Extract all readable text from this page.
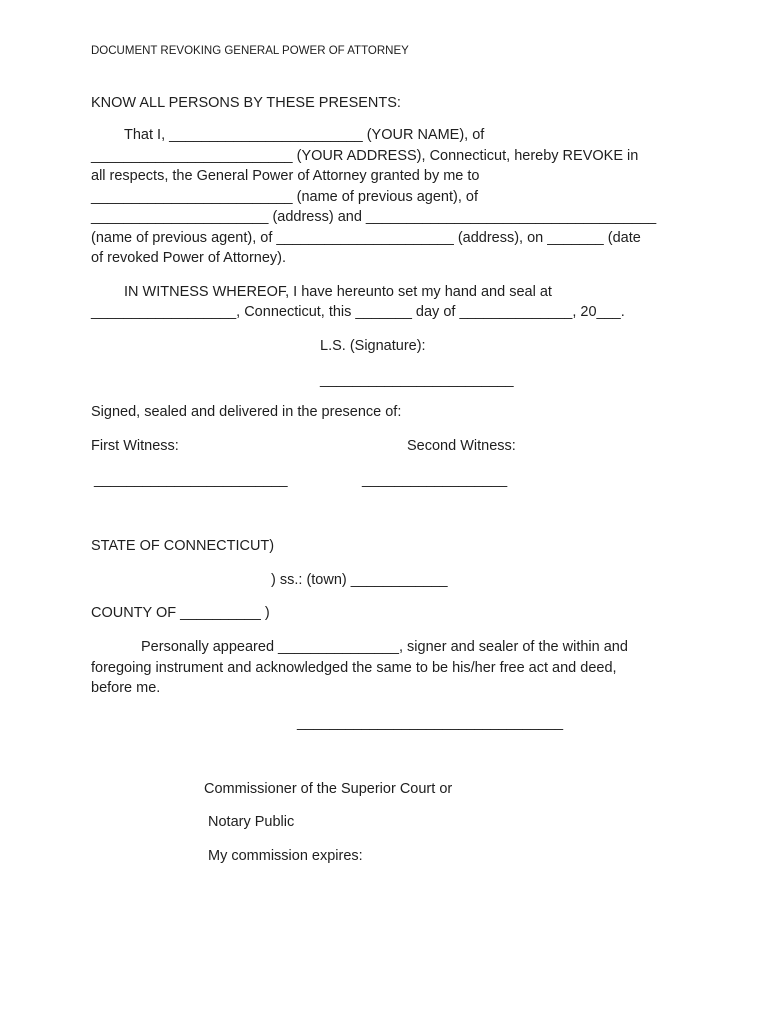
DOCUMENT REVOKING GENERAL POWER OF ATTORNEY

KNOW ALL PERSONS BY THESE PRESENTS:

That I, ________________________ (YOUR NAME), of

_________________________ (YOUR ADDRESS), Connecticut, hereby REVOKE in

all respects, the General Power of Attorney granted by me to

_________________________ (name of previous agent), of

______________________ (address) and ____________________________________

(name of previous agent), of ______________________ (address), on _______ (date

of revoked Power of Attorney).

IN WITNESS WHEREOF, I have hereunto set my hand and seal at

__________________, Connecticut, this _______ day of ______________, 20___.

L.S. (Signature):

________________________

Signed, sealed and delivered in the presence of:

First Witness:	Second Witness:

________________________	__________________

STATE OF CONNECTICUT)

) ss.: (town) ____________

COUNTY OF __________ )

Personally appeared _______________, signer and sealer of the within and

foregoing instrument and acknowledged the same to be his/her free act and deed,

before me.

_________________________________

Commissioner of the Superior Court or

Notary Public

My commission expires:
